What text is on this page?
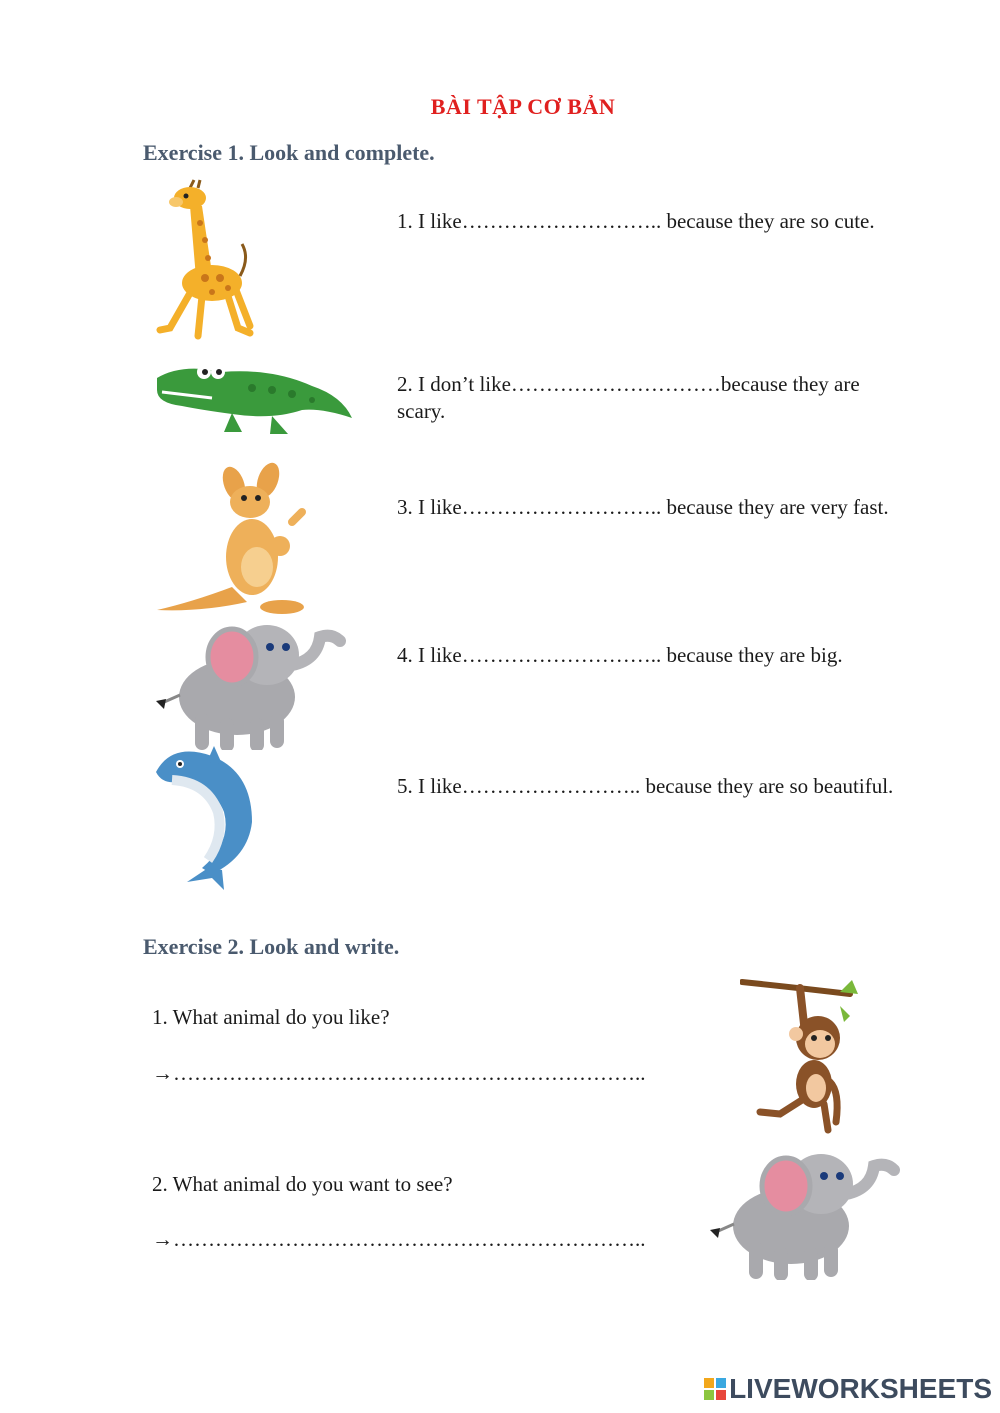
BÀI TẬP CƠ BẢN
Exercise 1. Look and complete.
1. I like……………………….. because they are so cute.
2. I don’t like…………………………because they are scary.
3. I like……………………….. because they are very fast.
4. I like……………………….. because they are big.
5. I like…………………….. because they are so beautiful.
Exercise 2. Look and write.
1. What animal do you like?
→…………………………………………………………..
2. What animal do you want to see?
→…………………………………………………………..
LIVEWORKSHEETS
